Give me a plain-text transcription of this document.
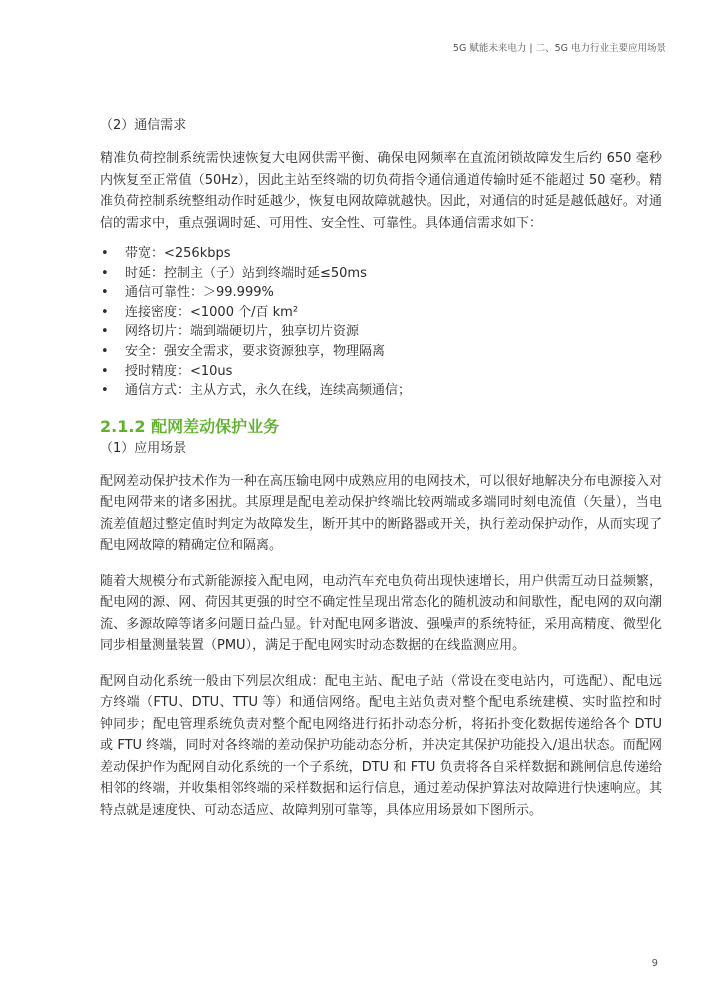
5G 赋能未来电力 | 二、5G 电力行业主要应用场景

（2）通信需求

精准负荷控制系统需快速恢复大电网供需平衡、确保电网频率在直流闭锁故障发生后约 650 毫秒内恢复至正常值（50Hz），因此主站至终端的切负荷指令通信通道传输时延不能超过 50 毫秒。精准负荷控制系统整组动作时延越少，恢复电网故障就越快。因此，对通信的时延是越低越好。对通信的需求中，重点强调时延、可用性、安全性、可靠性。具体通信需求如下：

• 带宽：<256kbps
• 时延：控制主（子）站到终端时延≤50ms
• 通信可靠性：＞99.999%
• 连接密度：<1000 个/百 km²
• 网络切片：端到端硬切片，独享切片资源
• 安全：强安全需求，要求资源独享，物理隔离
• 授时精度：<10us
• 通信方式：主从方式，永久在线，连续高频通信；

2.1.2 配网差动保护业务

（1）应用场景

配网差动保护技术作为一种在高压输电网中成熟应用的电网技术，可以很好地解决分布电源接入对配电网带来的诸多困扰。其原理是配电差动保护终端比较两端或多端同时刻电流值（矢量），当电流差值超过整定值时判定为故障发生，断开其中的断路器或开关，执行差动保护动作，从而实现了配电网故障的精确定位和隔离。

随着大规模分布式新能源接入配电网，电动汽车充电负荷出现快速增长，用户供需互动日益频繁，配电网的源、网、荷因其更强的时空不确定性呈现出常态化的随机波动和间歇性，配电网的双向潮流、多源故障等诸多问题日益凸显。针对配电网多谐波、强噪声的系统特征，采用高精度、微型化同步相量测量装置（PMU），满足于配电网实时动态数据的在线监测应用。

配网自动化系统一般由下列层次组成：配电主站、配电子站（常设在变电站内，可选配）、配电远方终端（FTU、DTU、TTU 等）和通信网络。配电主站负责对整个配电系统建模、实时监控和时钟同步；配电管理系统负责对整个配电网络进行拓扑动态分析，将拓扑变化数据传递给各个 DTU 或 FTU 终端，同时对各终端的差动保护功能动态分析，并决定其保护功能投入/退出状态。而配网差动保护作为配网自动化系统的一个子系统，DTU 和 FTU 负责将各自采样数据和跳闸信息传递给相邻的终端，并收集相邻终端的采样数据和运行信息，通过差动保护算法对故障进行快速响应。其特点就是速度快、可动态适应、故障判别可靠等，具体应用场景如下图所示。

9
